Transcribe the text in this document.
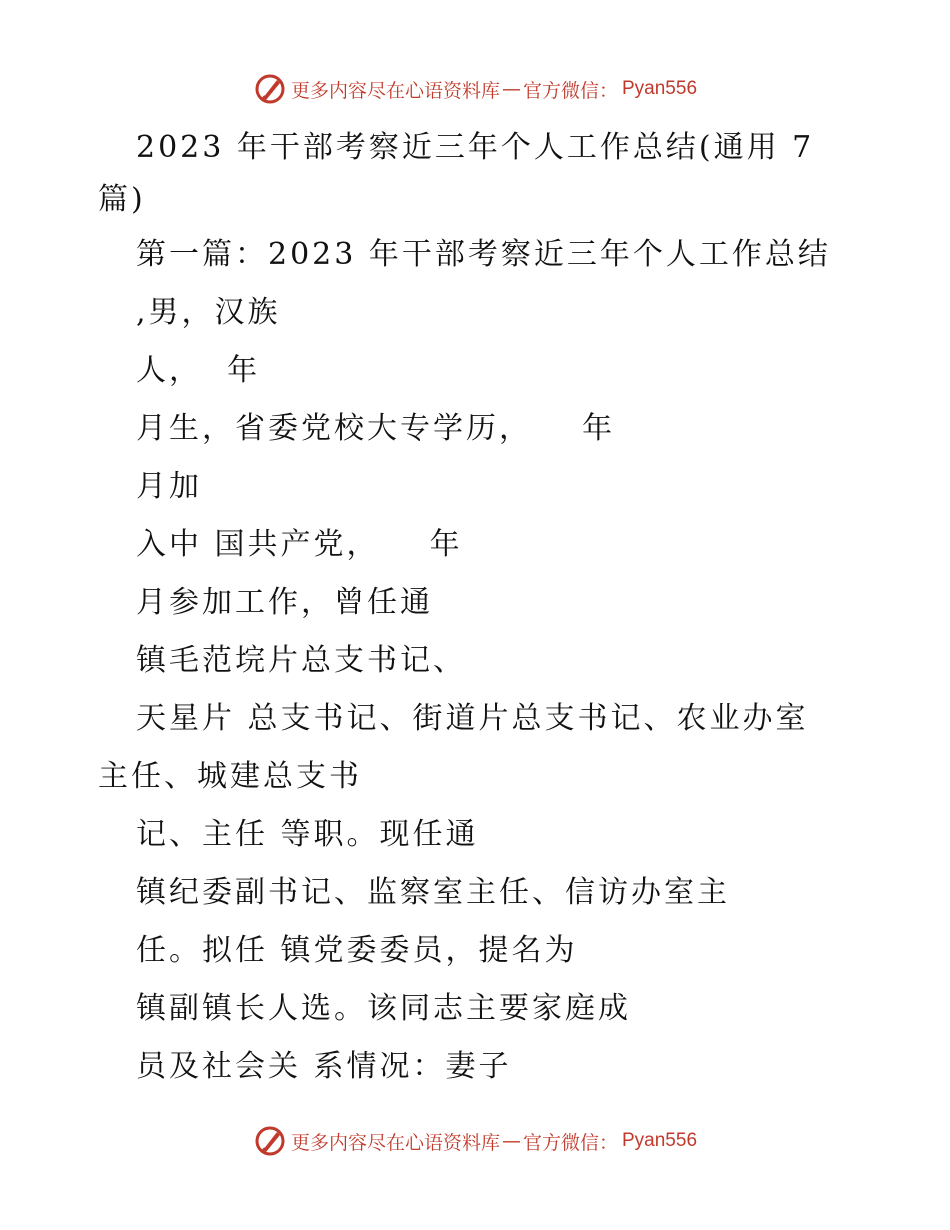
更多内容尽在心语资料库 — 官方微信： Pyan556
2023 年干部考察近三年个人工作总结(通用 7
篇)
第一篇：2023 年干部考察近三年个人工作总结
,男，汉族
人，  年
月生，省委党校大专学历，    年
月加
入中 国共产党，    年
月参加工作，曾任通
镇毛范垸片总支书记、
天星片 总支书记、街道片总支书记、农业办室
主任、城建总支书
记、主任 等职。现任通
镇纪委副书记、监察室主任、信访办室主
任。拟任 镇党委委员，提名为
镇副镇长人选。该同志主要家庭成
员及社会关 系情况：妻子
更多内容尽在心语资料库 — 官方微信： Pyan556
